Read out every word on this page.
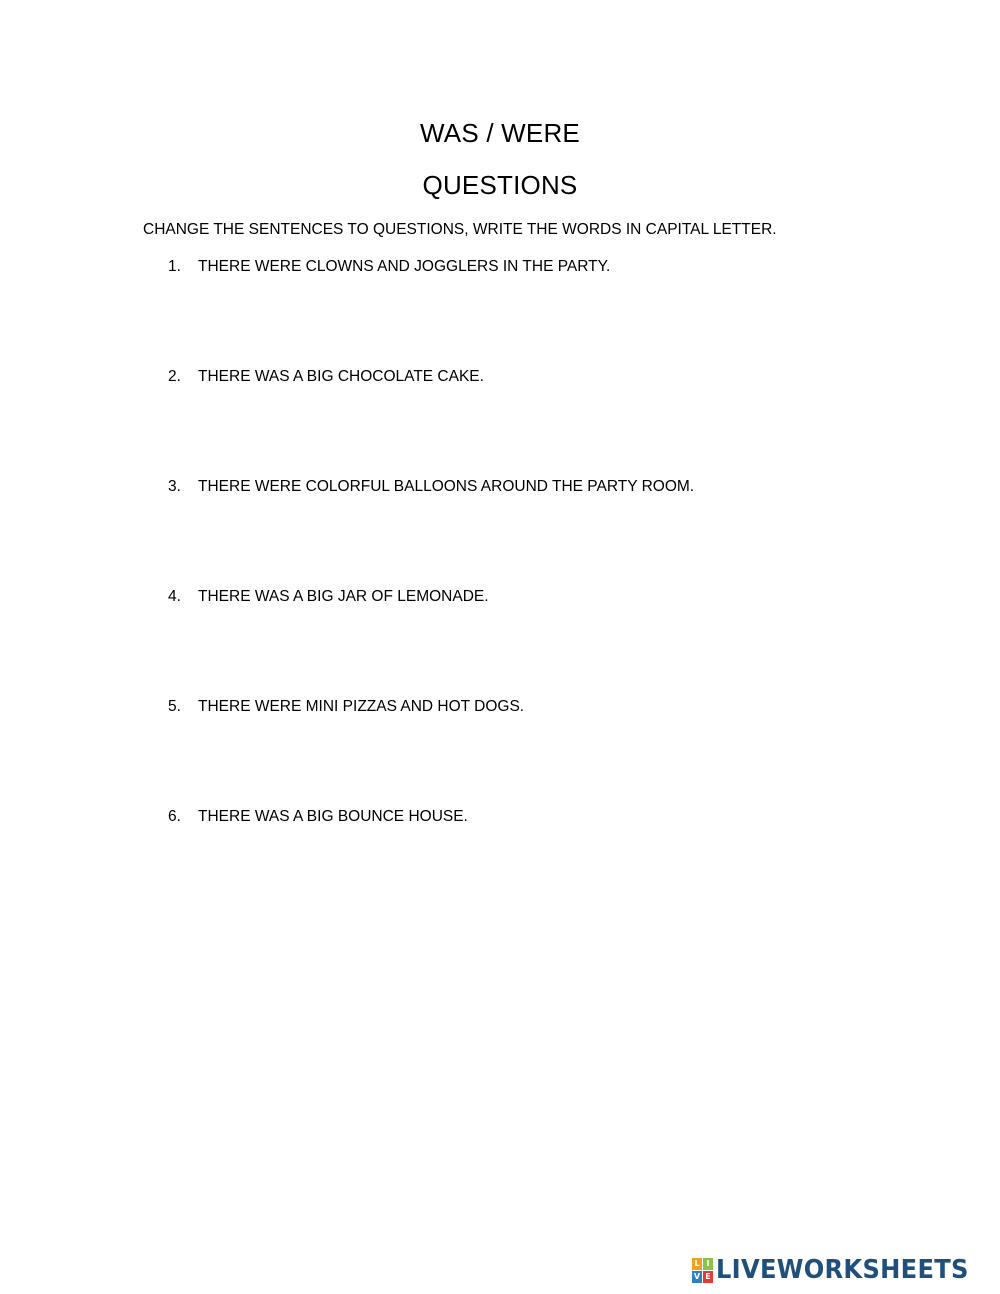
WAS / WERE
QUESTIONS
CHANGE THE SENTENCES TO QUESTIONS, WRITE THE WORDS IN CAPITAL LETTER.
1.	THERE WERE CLOWNS AND JOGGLERS IN THE PARTY.
2.	THERE WAS A BIG CHOCOLATE CAKE.
3.	THERE WERE COLORFUL BALLOONS AROUND THE PARTY ROOM.
4.	THERE WAS A BIG JAR OF LEMONADE.
5.	THERE WERE MINI PIZZAS AND HOT DOGS.
6.	THERE WAS A BIG BOUNCE HOUSE.
L I
V E LIVEWORKSHEETS
